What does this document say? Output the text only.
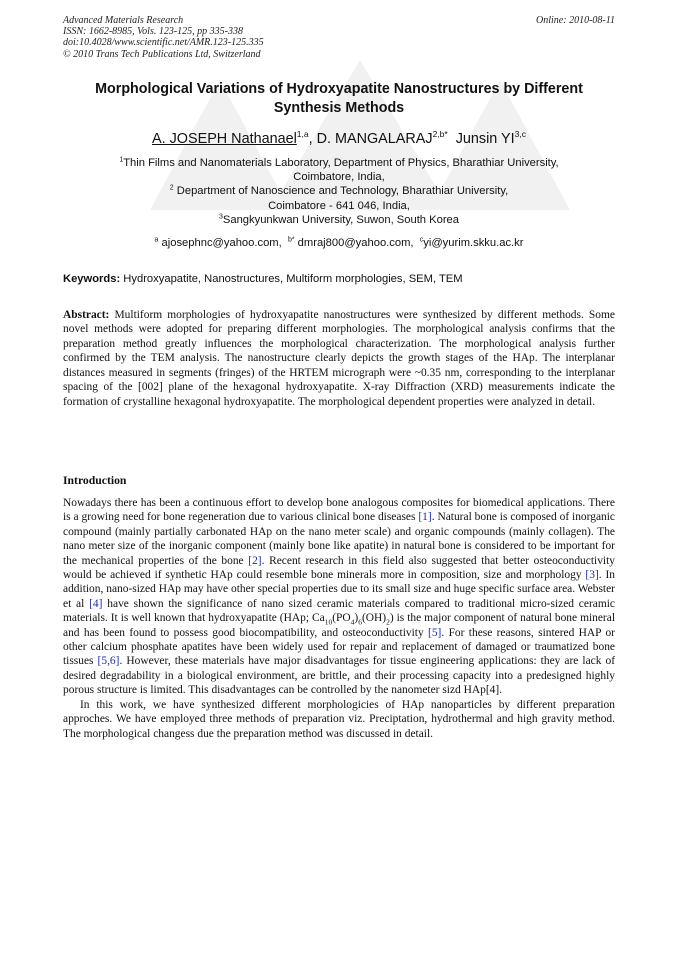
Advanced Materials Research
ISSN: 1662-8985, Vols. 123-125, pp 335-338
doi:10.4028/www.scientific.net/AMR.123-125.335
© 2010 Trans Tech Publications Ltd, Switzerland
Online: 2010-08-11
Morphological Variations of Hydroxyapatite Nanostructures by Different
Synthesis Methods
A. JOSEPH Nathanael$^{1,a}$, D. $MANGALARAJ^{2,b*}$  Junsin YI$^{3,c}$
$^1$Thin Films and Nanomaterials Laboratory, Department of Physics, Bharathiar University,
Coimbatore, India,
$^2$ Department of Nanoscience and Technology, Bharathiar University,
Coimbatore - 641 046, India,
$^3$Sangkyunkwan University, Suwon, South Korea
$^a$ ajosephnc@yahoo.com,  $^{b*}$ dmraj800@yahoo.com,  $^c$yi@yurim.skku.ac.kr
Keywords: Hydroxyapatite, Nanostructures, Multiform morphologies, SEM, TEM
Abstract: Multiform morphologies of hydroxyapatite nanostructures were synthesized by different methods. Some novel methods were adopted for preparing different morphologies. The morphological analysis confirms that the preparation method greatly influences the morphological characterization. The morphological analysis further confirmed by the TEM analysis. The nanostructure clearly depicts the growth stages of the HAp. The interplanar distances measured in segments (fringes) of the HRTEM micrograph were ~0.35 nm, corresponding to the interplanar spacing of the [002] plane of the hexagonal hydroxyapatite. X-ray Diffraction (XRD) measurements indicate the formation of crystalline hexagonal hydroxyapatite. The morphological dependent properties were analyzed in detail.
Introduction

Nowadays there has been a continuous effort to develop bone analogous composites for biomedical applications. There is a growing need for bone regeneration due to various clinical bone diseases [1]. Natural bone is composed of inorganic compound (mainly partially carbonated HAp on the nano meter scale) and organic compounds (mainly collagen). The nano meter size of the inorganic component (mainly bone like apatite) in natural bone is considered to be important for the mechanical properties of the bone [2]. Recent research in this field also suggested that better osteoconductivity would be achieved if synthetic HAp could resemble bone minerals more in composition, size and morphology [3]. In addition, nano-sized HAp may have other special properties due to its small size and huge specific surface area. Webster et al [4] have shown the significance of nano sized ceramic materials compared to traditional micro-sized ceramic materials. It is well known that hydroxyapatite (HAp; $Ca_{10}(PO_4)_6(OH)_2$) is the major component of natural bone mineral and has been found to possess good biocompatibility, and osteoconductivity [5]. For these reasons, sintered HAP or other calcium phosphate apatites have been widely used for repair and replacement of damaged or traumatized bone tissues [5,6]. However, these materials have major disadvantages for tissue engineering applications: they are lack of desired degradability in a biological environment, are brittle, and their processing capacity into a predesigned highly porous structure is limited. This disadvantages can be controlled by the nanometer sizd HAp[4].

In this work, we have synthesized different morphologicies of HAp nanoparticles by different preparation approches. We have employed three methods of preparation viz. Preciptation, hydrothermal and high gravity method. The morphological changess due the preparation method was discussed in detail.
